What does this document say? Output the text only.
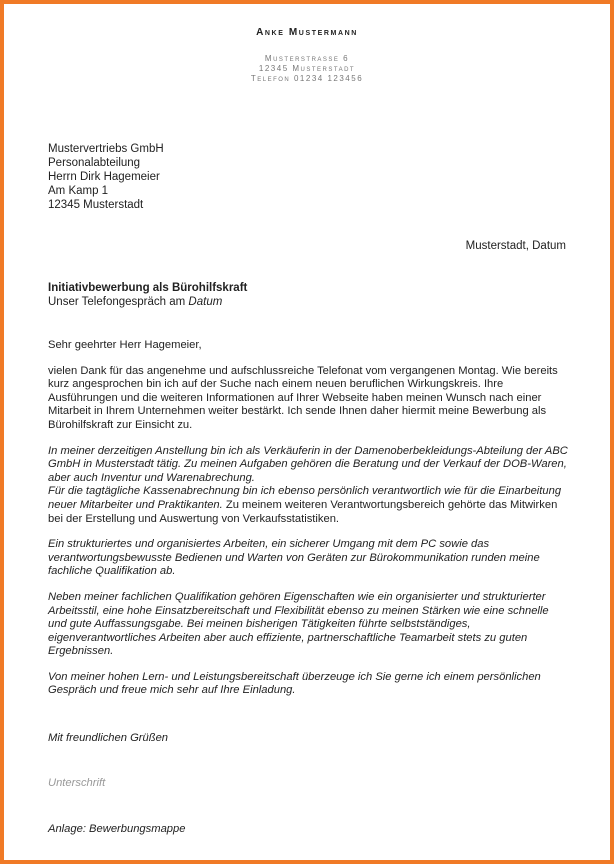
Anke Mustermann
Musterstrasse 6
12345 Musterstadt
Telefon 01234 123456
Mustervertriebs GmbH
Personalabteilung
Herrn Dirk Hagemeier
Am Kamp 1
12345 Musterstadt
Musterstadt, Datum
Initiativbewerbung als Bürohilfskraft
Unser Telefongespräch am Datum

Sehr geehrter Herr Hagemeier,

vielen Dank für das angenehme und aufschlussreiche Telefonat vom vergangenen Montag. Wie bereits kurz angesprochen bin ich auf der Suche nach einem neuen beruflichen Wirkungskreis. Ihre Ausführungen und die weiteren Informationen auf Ihrer Webseite haben meinen Wunsch nach einer Mitarbeit in Ihrem Unternehmen weiter bestärkt. Ich sende Ihnen daher hiermit meine Bewerbung als Bürohilfskraft zur Einsicht zu.

In meiner derzeitigen Anstellung bin ich als Verkäuferin in der Damenoberbekleidungs-Abteilung der ABC GmbH in Musterstadt tätig. Zu meinen Aufgaben gehören die Beratung und der Verkauf der DOB-Waren, aber auch Inventur und Warenabrechung.

Für die tagtägliche Kassenabrechnung bin ich ebenso persönlich verantwortlich wie für die Einarbeitung neuer Mitarbeiter und Praktikanten. Zu meinem weiteren Verantwortungsbereich gehörte das Mitwirken bei der Erstellung und Auswertung von Verkaufsstatistiken.

Ein strukturiertes und organisiertes Arbeiten, ein sicherer Umgang mit dem PC sowie das verantwortungsbewusste Bedienen und Warten von Geräten zur Bürokommunikation runden meine fachliche Qualifikation ab.

Neben meiner fachlichen Qualifikation gehören Eigenschaften wie ein organisierter und strukturierter Arbeitsstil, eine hohe Einsatzbereitschaft und Flexibilität ebenso zu meinen Stärken wie eine schnelle und gute Auffassungsgabe. Bei meinen bisherigen Tätigkeiten führte selbstständiges, eigenverantwortliches Arbeiten aber auch effiziente, partnerschaftliche Teamarbeit stets zu guten Ergebnissen.

Von meiner hohen Lern- und Leistungsbereitschaft überzeuge ich Sie gerne ich einem persönlichen Gespräch und freue mich sehr auf Ihre Einladung.

Mit freundlichen Grüßen
Unterschrift
Anlage: Bewerbungsmappe
